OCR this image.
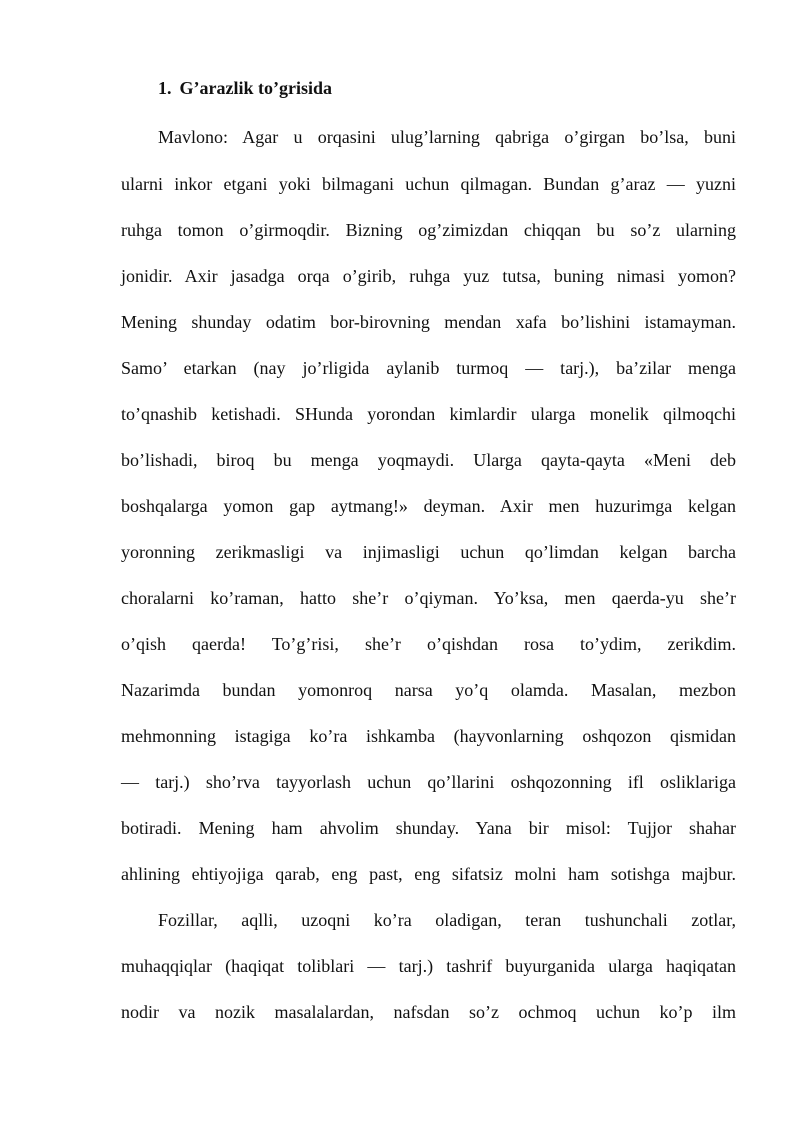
1. G’arazlik to’grisida
Mavlono: Agar u orqasini ulug’larning qabriga o’girgan bo’lsa, buni
ularni inkor etgani yoki bilmagani uchun qilmagan. Bundan g’araz — yuzni
ruhga tomon o’girmoqdir. Bizning og’zimizdan chiqqan bu so’z ularning
jonidir. Axir jasadga orqa o’girib, ruhga yuz tutsa, buning nimasi yomon?
Mening shunday odatim bor-birovning mendan xafa bo’lishini istamayman.
Samo’ etarkan (nay jo’rligida aylanib turmoq — tarj.), ba’zilar menga
to’qnashib ketishadi. SHunda yorondan kimlardir ularga monelik qilmoqchi
bo’lishadi, biroq bu menga yoqmaydi. Ularga qayta-qayta «Meni deb
boshqalarga yomon gap aytmang!» deyman. Axir men huzurimga kelgan
yoronning zerikmasligi va injimasligi uchun qo’limdan kelgan barcha
choralarni ko’raman, hatto she’r o’qiyman. Yo’ksa, men qaerda-yu she’r
o’qish qaerda! To’g’risi, she’r o’qishdan rosa to’ydim, zerikdim.
Nazarimda bundan yomonroq narsa yo’q olamda. Masalan, mezbon
mehmonning istagiga ko’ra ishkamba (hayvonlarning oshqozon qismidan
— tarj.) sho’rva tayyorlash uchun qo’llarini oshqozonning ifl osliklariga
botiradi. Mening ham ahvolim shunday. Yana bir misol: Tujjor shahar
ahlining ehtiyojiga qarab, eng past, eng sifatsiz molni ham sotishga majbur.
Fozillar, aqlli, uzoqni ko’ra oladigan, teran tushunchali zotlar,
muhaqqiqlar (haqiqat toliblari — tarj.) tashrif buyurganida ularga haqiqatan
nodir va nozik masalalardan, nafsdan so’z ochmoq uchun ko’p ilm
